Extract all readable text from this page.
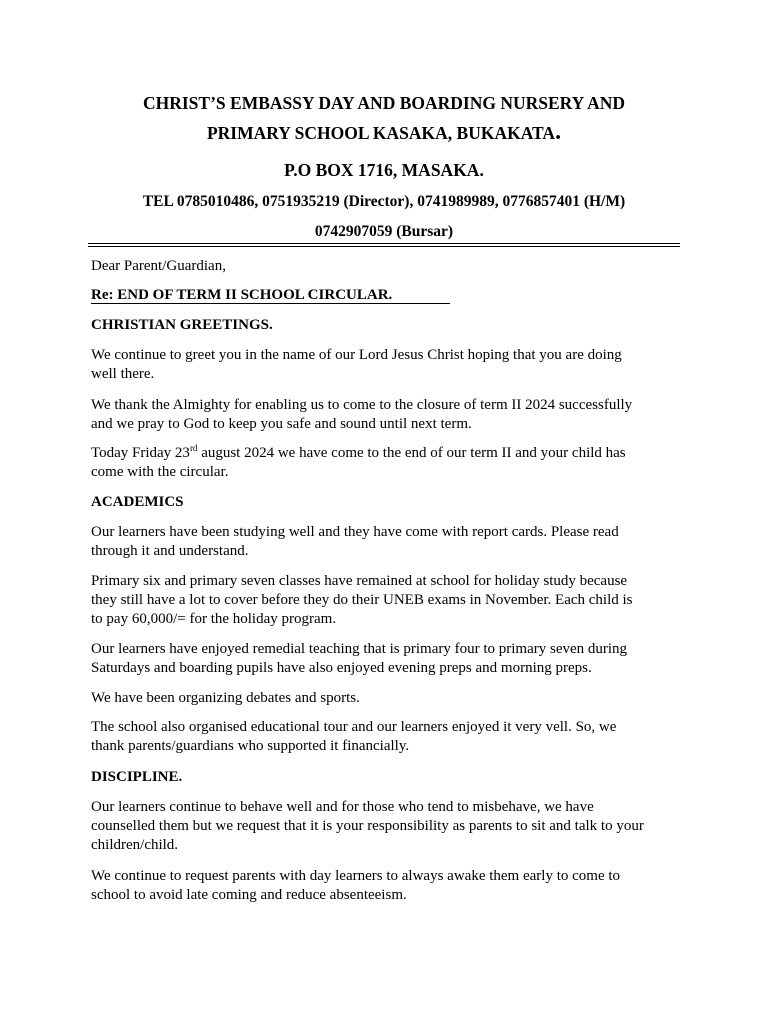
CHRIST’S EMBASSY DAY AND BOARDING NURSERY AND
PRIMARY SCHOOL KASAKA, BUKAKATA.
P.O BOX 1716, MASAKA.
TEL 0785010486, 0751935219 (Director), 0741989989, 0776857401 (H/M)
0742907059 (Bursar)
Dear Parent/Guardian,
Re: END OF TERM II SCHOOL CIRCULAR.
CHRISTIAN GREETINGS.
We continue to greet you in the name of our Lord Jesus Christ hoping that you are doing
well there.
We thank the Almighty for enabling us to come to the closure of term II 2024 successfully
and we pray to God to keep you safe and sound until next term.
Today Friday 23rd august 2024 we have come to the end of our term II and your child has
come with the circular.
ACADEMICS
Our learners have been studying well and they have come with report cards. Please read
through it and understand.
Primary six and primary seven classes have remained at school for holiday study because
they still have a lot to cover before they do their UNEB exams in November. Each child is
to pay 60,000/= for the holiday program.
Our learners have enjoyed remedial teaching that is primary four to primary seven during
Saturdays and boarding pupils have also enjoyed evening preps and morning preps.
We have been organizing debates and sports.
The school also organised educational tour and our learners enjoyed it very vell. So, we
thank parents/guardians who supported it financially.
DISCIPLINE.
Our learners continue to behave well and for those who tend to misbehave, we have
counselled them but we request that it is your responsibility as parents to sit and talk to your
children/child.
We continue to request parents with day learners to always awake them early to come to
school to avoid late coming and reduce absenteeism.
